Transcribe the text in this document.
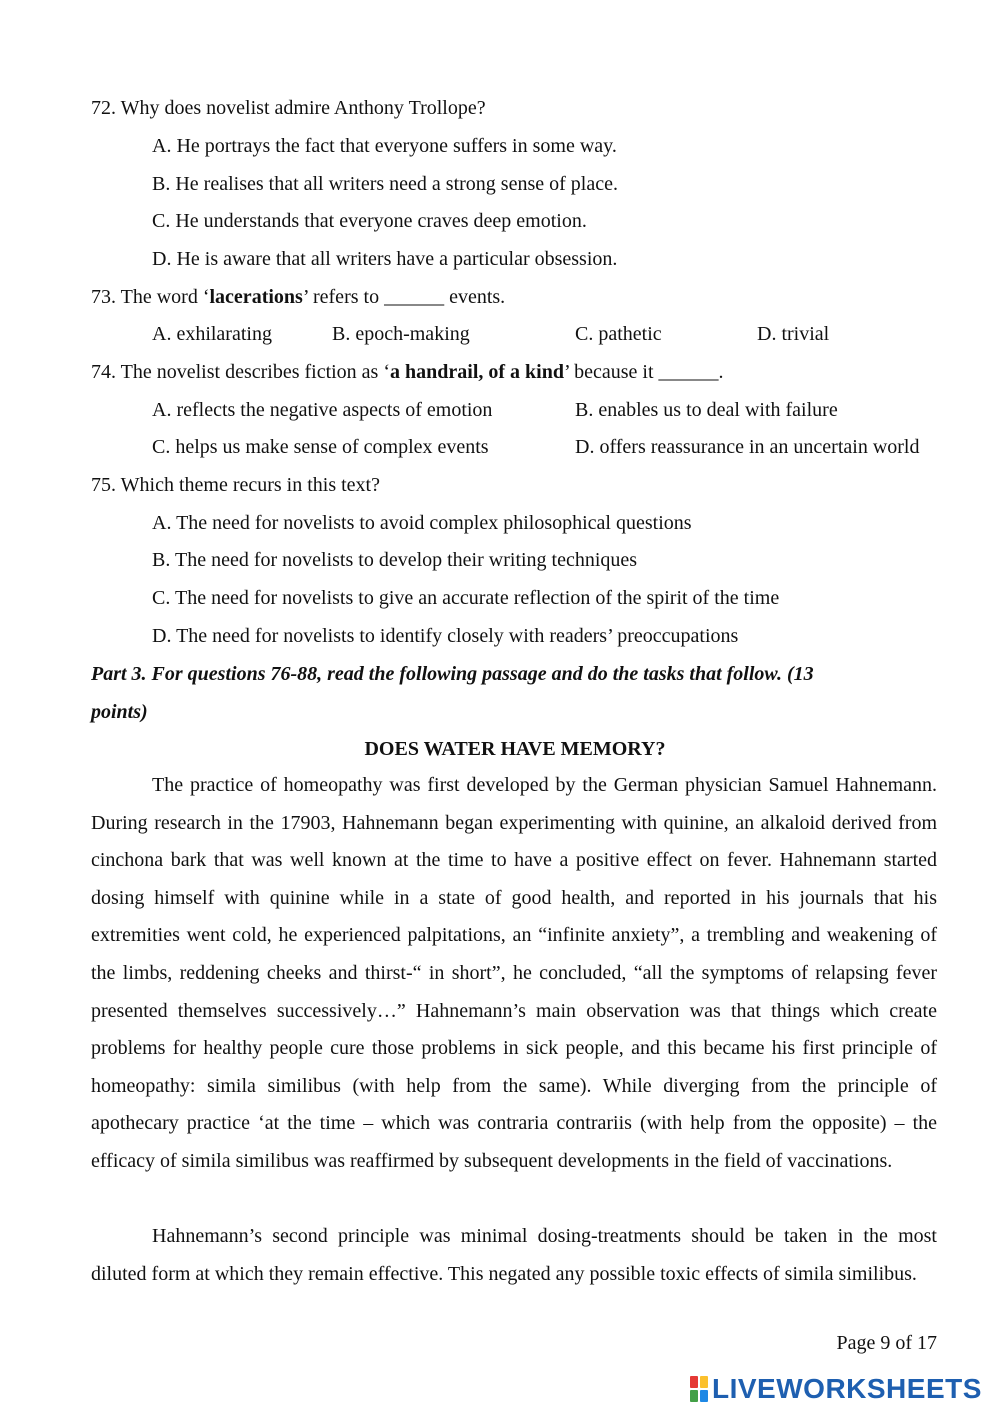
72. Why does novelist admire Anthony Trollope?
A. He portrays the fact that everyone suffers in some way.
B. He realises that all writers need a strong sense of place.
C. He understands that everyone craves deep emotion.
D. He is aware that all writers have a particular obsession.
73. The word ‘lacerations’ refers to ______ events.
A. exhilarating	B. epoch-making	C. pathetic	D. trivial
74. The novelist describes fiction as ‘a handrail, of a kind’ because it ______.
A. reflects the negative aspects of emotion	B. enables us to deal with failure
C. helps us make sense of complex events	D. offers reassurance in an uncertain world
75. Which theme recurs in this text?
A. The need for novelists to avoid complex philosophical questions
B. The need for novelists to develop their writing techniques
C. The need for novelists to give an accurate reflection of the spirit of the time
D. The need for novelists to identify closely with readers’ preoccupations
Part 3. For questions 76-88, read the following passage and do the tasks that follow. (13
points)
DOES WATER HAVE MEMORY?
The practice of homeopathy was first developed by the German physician Samuel Hahnemann. During research in the 17903, Hahnemann began experimenting with quinine, an alkaloid derived from cinchona bark that was well known at the time to have a positive effect on fever. Hahnemann started dosing himself with quinine while in a state of good health, and reported in his journals that his extremities went cold, he experienced palpitations, an “infinite anxiety”, a trembling and weakening of the limbs, reddening cheeks and thirst-“ in short”, he concluded, “all the symptoms of relapsing fever presented themselves successively…” Hahnemann’s main observation was that things which create problems for healthy people cure those problems in sick people, and this became his first principle of homeopathy: simila similibus (with help from the same). While diverging from the principle of apothecary practice ‘at the time – which was contraria contrariis (with help from the opposite) – the efficacy of simila similibus was reaffirmed by subsequent developments in the field of vaccinations.
Hahnemann’s second principle was minimal dosing-treatments should be taken in the most diluted form at which they remain effective. This negated any possible toxic effects of simila similibus.
Page 9 of 17
LIVEWORKSHEETS
